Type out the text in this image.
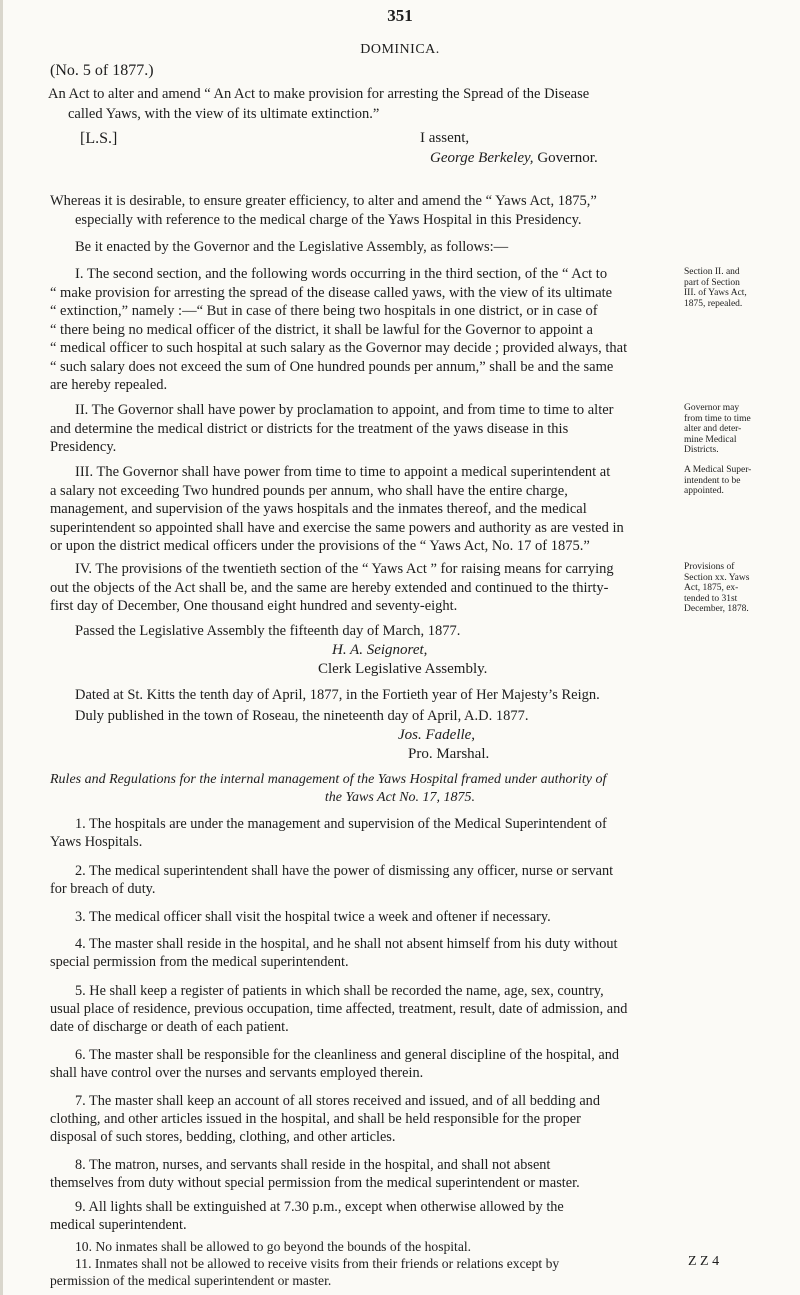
351
DOMINICA.
(No. 5 of 1877.)
An Act to alter and amend “ An Act to make provision for arresting the Spread of the Disease
called Yaws, with the view of its ultimate extinction.”
[L.S.]	I assent,
George Berkeley, Governor.
Whereas it is desirable, to ensure greater efficiency, to alter and amend the “ Yaws Act, 1875,”
especially with reference to the medical charge of the Yaws Hospital in this Presidency.
Be it enacted by the Governor and the Legislative Assembly, as follows:—
I. The second section, and the following words occurring in the third section, of the “ Act to
“ make provision for arresting the spread of the disease called yaws, with the view of its ultimate
“ extinction,” namely :—“ But in case of there being two hospitals in one district, or in case of
“ there being no medical officer of the district, it shall be lawful for the Governor to appoint a
“ medical officer to such hospital at such salary as the Governor may decide ; provided always, that
“ such salary does not exceed the sum of One hundred pounds per annum,” shall be and the same
are hereby repealed.
Section II. and
part of Section
III. of Yaws Act,
1875, repealed.
II. The Governor shall have power by proclamation to appoint, and from time to time to alter
and determine the medical district or districts for the treatment of the yaws disease in this
Presidency.
Governor may
from time to time
alter and deter-
mine Medical
Districts.
III. The Governor shall have power from time to time to appoint a medical superintendent at
a salary not exceeding Two hundred pounds per annum, who shall have the entire charge,
management, and supervision of the yaws hospitals and the inmates thereof, and the medical
superintendent so appointed shall have and exercise the same powers and authority as are vested in
or upon the district medical officers under the provisions of the “ Yaws Act, No. 17 of 1875.”
A Medical Super-
intendent to be
appointed.
IV. The provisions of the twentieth section of the “ Yaws Act ” for raising means for carrying
out the objects of the Act shall be, and the same are hereby extended and continued to the thirty-
first day of December, One thousand eight hundred and seventy-eight.
Provisions of
Section xx. Yaws
Act, 1875, ex-
tended to 31st
December, 1878.
Passed the Legislative Assembly the fifteenth day of March, 1877.
H. A. Seignoret,
Clerk Legislative Assembly.
Dated at St. Kitts the tenth day of April, 1877, in the Fortieth year of Her Majesty’s Reign.
Duly published in the town of Roseau, the nineteenth day of April, A.D. 1877.
Jos. Fadelle,
Pro. Marshal.
Rules and Regulations for the internal management of the Yaws Hospital framed under authority of
the Yaws Act No. 17, 1875.
1. The hospitals are under the management and supervision of the Medical Superintendent of
Yaws Hospitals.
2. The medical superintendent shall have the power of dismissing any officer, nurse or servant
for breach of duty.
3. The medical officer shall visit the hospital twice a week and oftener if necessary.
4. The master shall reside in the hospital, and he shall not absent himself from his duty without
special permission from the medical superintendent.
5. He shall keep a register of patients in which shall be recorded the name, age, sex, country,
usual place of residence, previous occupation, time affected, treatment, result, date of admission, and
date of discharge or death of each patient.
6. The master shall be responsible for the cleanliness and general discipline of the hospital, and
shall have control over the nurses and servants employed therein.
7. The master shall keep an account of all stores received and issued, and of all bedding and
clothing, and other articles issued in the hospital, and shall be held responsible for the proper
disposal of such stores, bedding, clothing, and other articles.
8. The matron, nurses, and servants shall reside in the hospital, and shall not absent
themselves from duty without special permission from the medical superintendent or master.
9. All lights shall be extinguished at 7.30 p.m., except when otherwise allowed by the
medical superintendent.
10. No inmates shall be allowed to go beyond the bounds of the hospital.
11. Inmates shall not be allowed to receive visits from their friends or relations except by
permission of the medical superintendent or master.
Z Z 4
